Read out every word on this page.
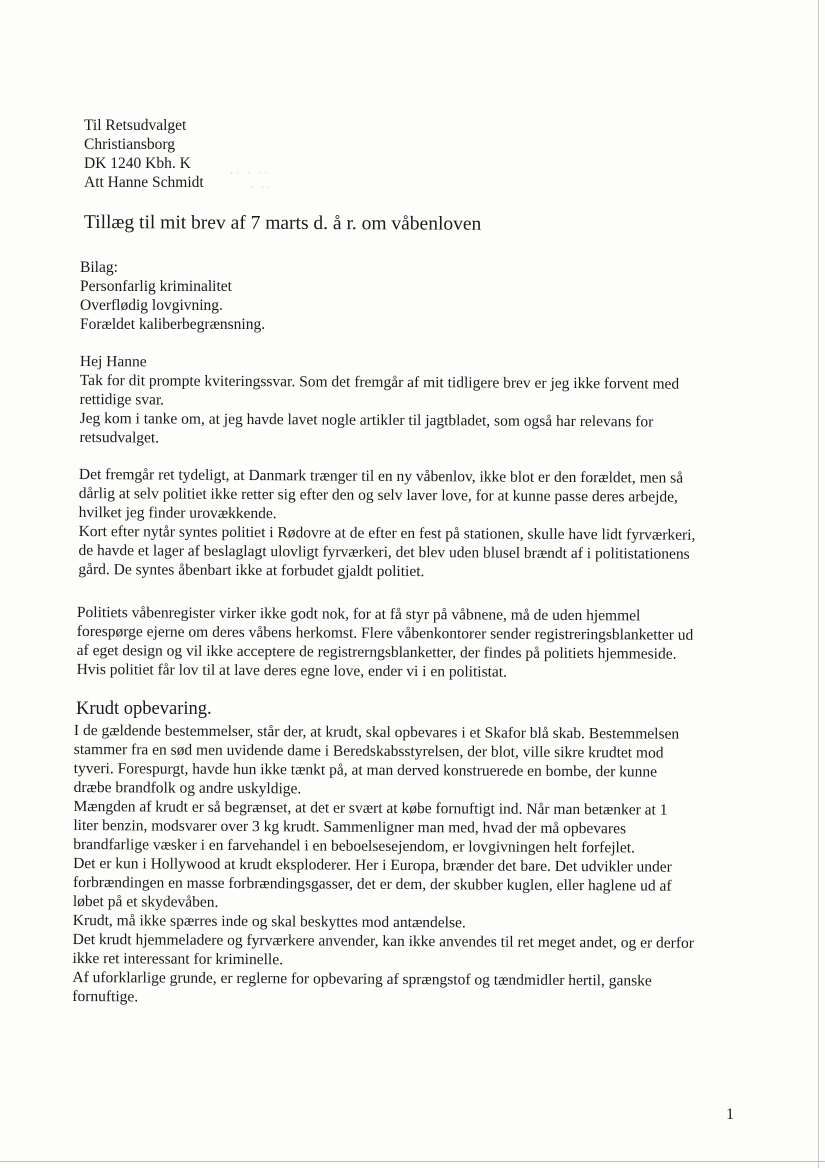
Til Retsudvalget
Christiansborg
DK 1240 Kbh. K
Att Hanne Schmidt
Tillæg til mit brev af 7 marts d. å r. om våbenloven
Bilag:
Personfarlig kriminalitet
Overflødig lovgivning.
Forældet kaliberbegrænsning.
Hej Hanne
Tak for dit prompte kviteringssvar. Som det fremgår af mit tidligere brev er jeg ikke forvent med
rettidige svar.
Jeg kom i tanke om, at jeg havde lavet nogle artikler til jagtbladet, som også har relevans for
retsudvalget.
Det fremgår ret tydeligt, at Danmark trænger til en ny våbenlov, ikke blot er den forældet, men så
dårlig at selv politiet ikke retter sig efter den og selv laver love, for at kunne passe deres arbejde,
hvilket jeg finder urovækkende.
Kort efter nytår syntes politiet i Rødovre at de efter en fest på stationen, skulle have lidt fyrværkeri,
de havde et lager af beslaglagt ulovligt fyrværkeri, det blev uden blusel brændt af i politistationens
gård. De syntes åbenbart ikke at forbudet gjaldt politiet.
Politiets våbenregister virker ikke godt nok, for at få styr på våbnene, må de uden hjemmel
forespørge ejerne om deres våbens herkomst. Flere våbenkontorer sender registreringsblanketter ud
af eget design og vil ikke acceptere de registrerngsblanketter, der findes på politiets hjemmeside.
Hvis politiet får lov til at lave deres egne love, ender vi i en politistat.
Krudt opbevaring.
I de gældende bestemmelser, står der, at krudt, skal opbevares i et Skafor blå skab. Bestemmelsen
stammer fra en sød men uvidende dame i Beredskabsstyrelsen, der blot, ville sikre krudtet mod
tyveri. Forespurgt, havde hun ikke tænkt på, at man derved konstruerede en bombe, der kunne
dræbe brandfolk og andre uskyldige.
Mængden af krudt er så begrænset, at det er svært at købe fornuftigt ind. Når man betænker at 1
liter benzin, modsvarer over 3 kg krudt. Sammenligner man med, hvad der må opbevares
brandfarlige væsker i en farvehandel i en beboelsesejendom, er lovgivningen helt forfejlet.
Det er kun i Hollywood at krudt eksploderer. Her i Europa, brænder det bare. Det udvikler under
forbrændingen en masse forbrændingsgasser, det er dem, der skubber kuglen, eller haglene ud af
løbet på et skydevåben.
Krudt, må ikke spærres inde og skal beskyttes mod antændelse.
Det krudt hjemmeladere og fyrværkere anvender, kan ikke anvendes til ret meget andet, og er derfor
ikke ret interessant for kriminelle.
Af uforklarlige grunde, er reglerne for opbevaring af sprængstof og tændmidler hertil, ganske
fornuftige.
1
·· · ··
· ··
